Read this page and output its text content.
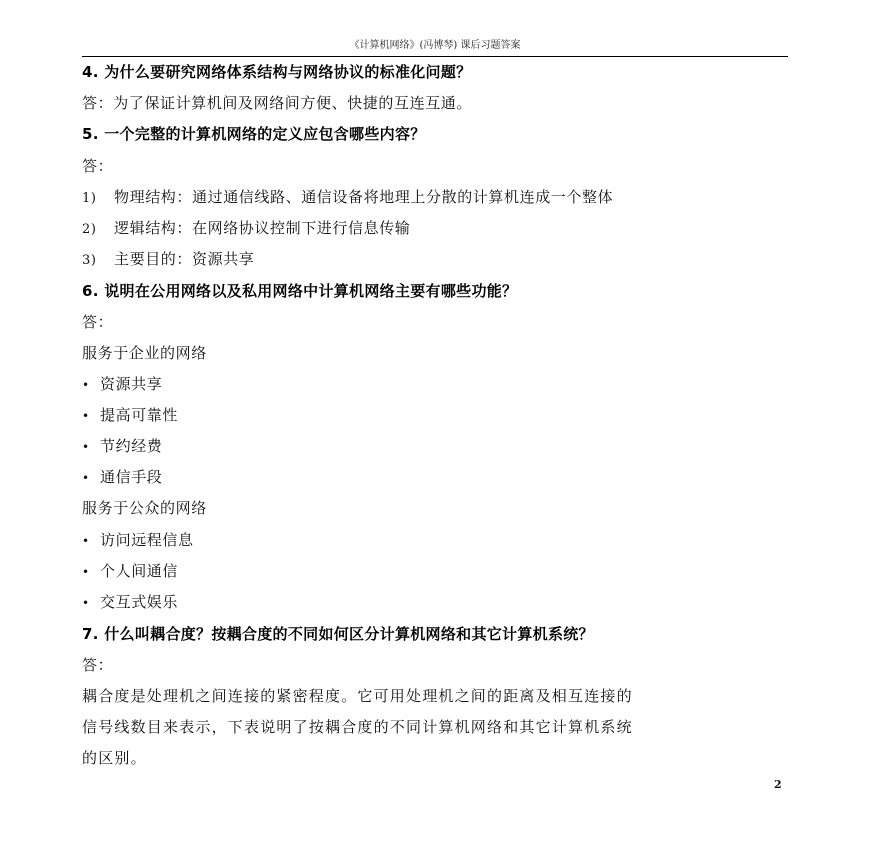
《计算机网络》(冯博琴) 课后习题答案
4. 为什么要研究网络体系结构与网络协议的标准化问题？
答：为了保证计算机间及网络间方便、快捷的互连互通。
5. 一个完整的计算机网络的定义应包含哪些内容？
答：
1) 物理结构：通过通信线路、通信设备将地理上分散的计算机连成一个整体
2) 逻辑结构：在网络协议控制下进行信息传输
3) 主要目的：资源共享
6. 说明在公用网络以及私用网络中计算机网络主要有哪些功能？
答：
服务于企业的网络
• 资源共享
• 提高可靠性
• 节约经费
• 通信手段
服务于公众的网络
• 访问远程信息
• 个人间通信
• 交互式娱乐
7. 什么叫耦合度？按耦合度的不同如何区分计算机网络和其它计算机系统？
答：
耦合度是处理机之间连接的紧密程度。它可用处理机之间的距离及相互连接的
信号线数目来表示，下表说明了按耦合度的不同计算机网络和其它计算机系统
的区别。
2
